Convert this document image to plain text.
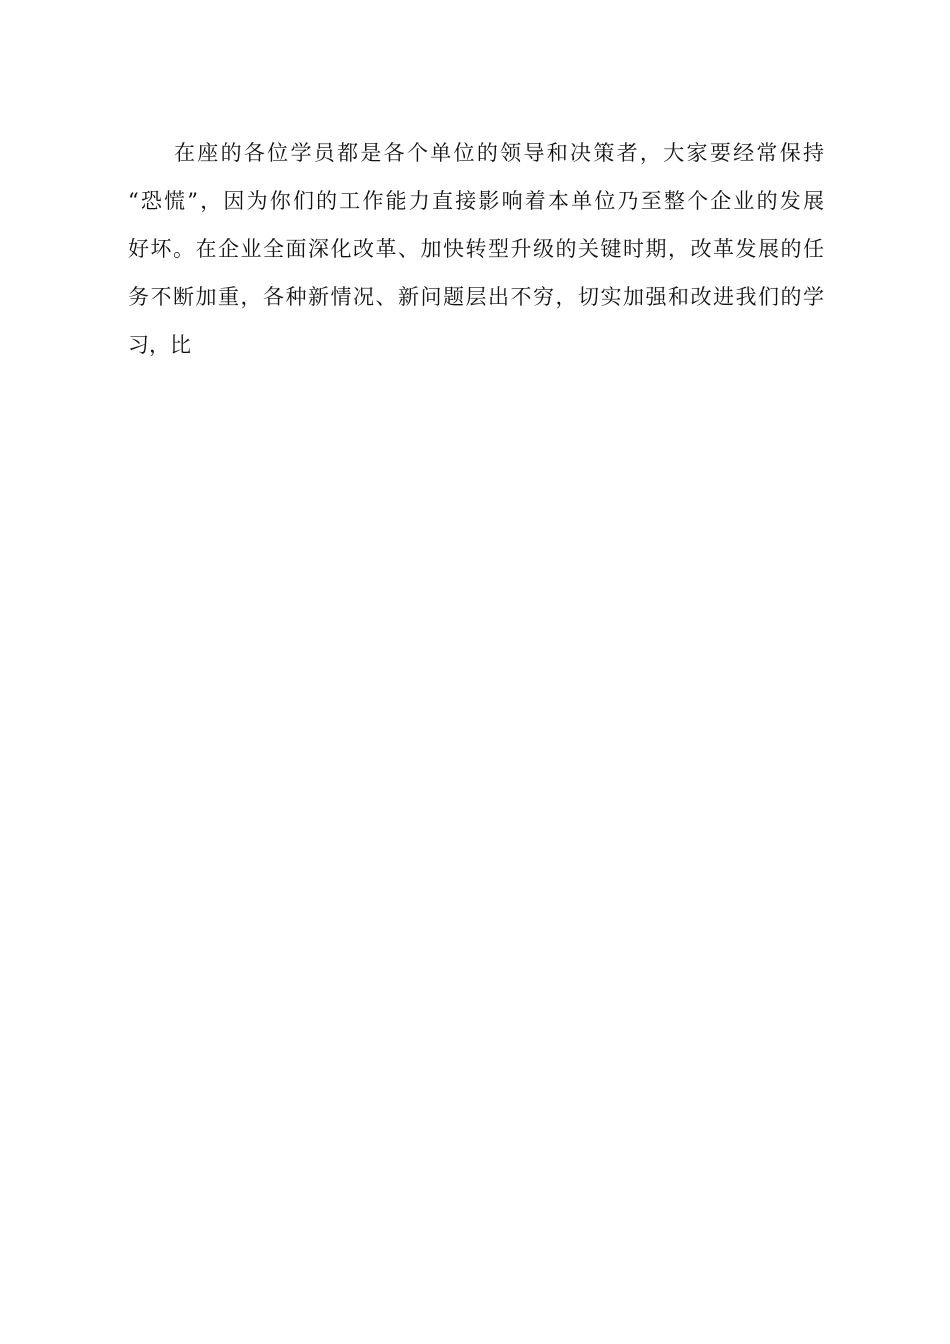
在座的各位学员都是各个单位的领导和决策者，大家要经常保持
“恐慌”，因为你们的工作能力直接影响着本单位乃至整个企业的发展
好坏。在企业全面深化改革、加快转型升级的关键时期，改革发展的任
务不断加重，各种新情况、新问题层出不穷，切实加强和改进我们的学
习，比
